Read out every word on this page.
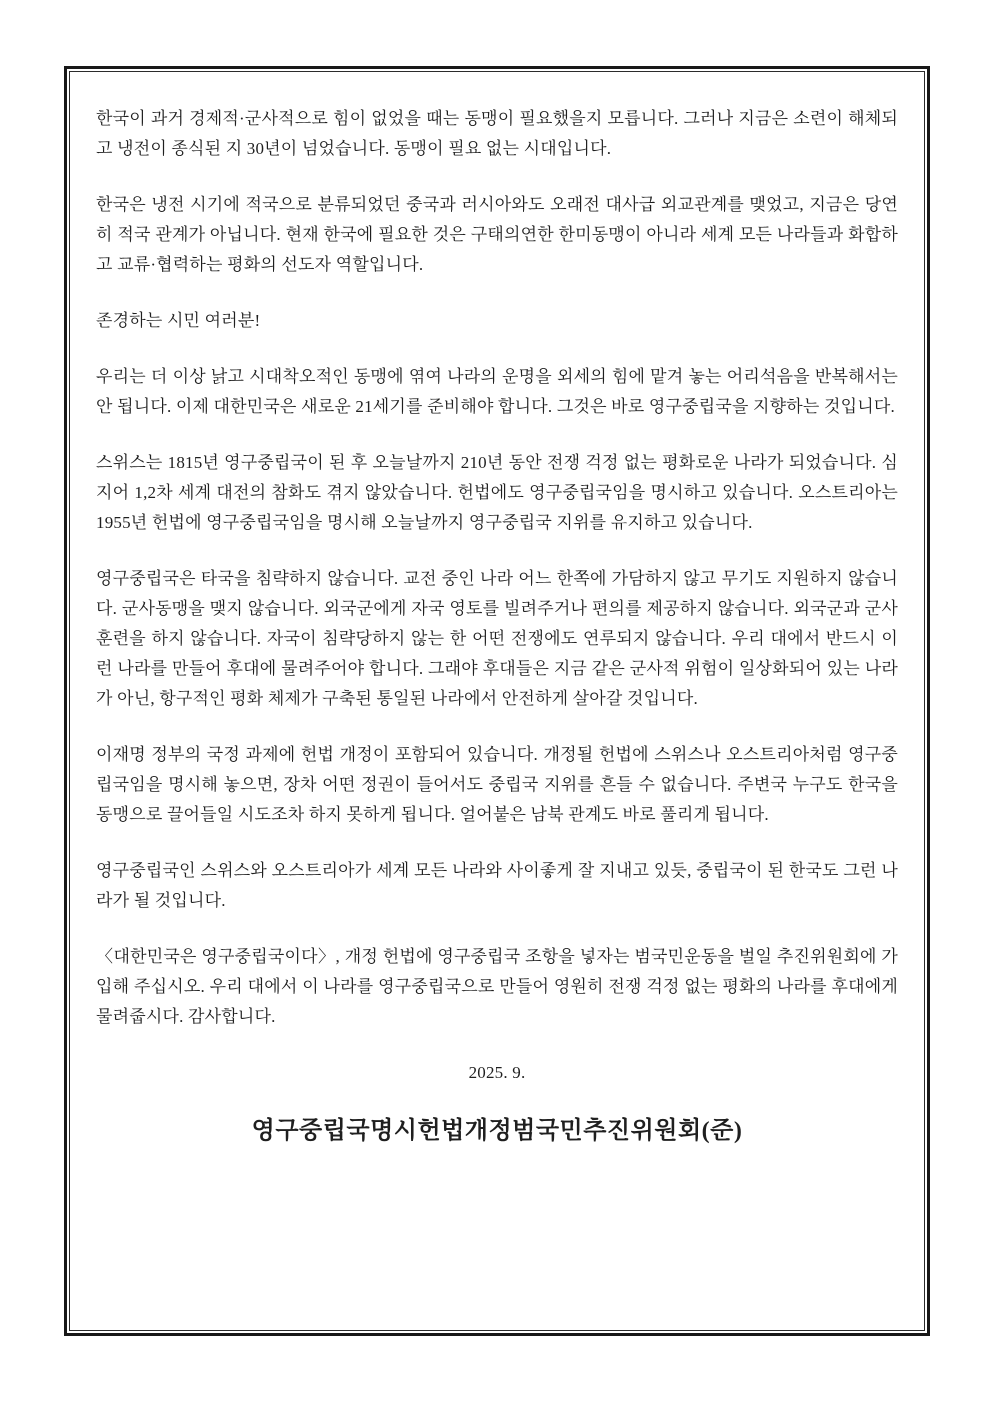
한국이 과거 경제적·군사적으로 힘이 없었을 때는 동맹이 필요했을지 모릅니다. 그러나 지금은 소련이 해체되고 냉전이 종식된 지 30년이 넘었습니다. 동맹이 필요 없는 시대입니다.

한국은 냉전 시기에 적국으로 분류되었던 중국과 러시아와도 오래전 대사급 외교관계를 맺었고, 지금은 당연히 적국 관계가 아닙니다. 현재 한국에 필요한 것은 구태의연한 한미동맹이 아니라 세계 모든 나라들과 화합하고 교류·협력하는 평화의 선도자 역할입니다.

존경하는 시민 여러분!

우리는 더 이상 낡고 시대착오적인 동맹에 엮여 나라의 운명을 외세의 힘에 맡겨 놓는 어리석음을 반복해서는 안 됩니다. 이제 대한민국은 새로운 21세기를 준비해야 합니다. 그것은 바로 영구중립국을 지향하는 것입니다.

스위스는 1815년 영구중립국이 된 후 오늘날까지 210년 동안 전쟁 걱정 없는 평화로운 나라가 되었습니다. 심지어 1,2차 세계 대전의 참화도 겪지 않았습니다. 헌법에도 영구중립국임을 명시하고 있습니다. 오스트리아는 1955년 헌법에 영구중립국임을 명시해 오늘날까지 영구중립국 지위를 유지하고 있습니다.

영구중립국은 타국을 침략하지 않습니다. 교전 중인 나라 어느 한쪽에 가담하지 않고 무기도 지원하지 않습니다. 군사동맹을 맺지 않습니다. 외국군에게 자국 영토를 빌려주거나 편의를 제공하지 않습니다. 외국군과 군사 훈련을 하지 않습니다. 자국이 침략당하지 않는 한 어떤 전쟁에도 연루되지 않습니다. 우리 대에서 반드시 이런 나라를 만들어 후대에 물려주어야 합니다. 그래야 후대들은 지금 같은 군사적 위험이 일상화되어 있는 나라가 아닌, 항구적인 평화 체제가 구축된 통일된 나라에서 안전하게 살아갈 것입니다.

이재명 정부의 국정 과제에 헌법 개정이 포함되어 있습니다. 개정될 헌법에 스위스나 오스트리아처럼 영구중립국임을 명시해 놓으면, 장차 어떤 정권이 들어서도 중립국 지위를 흔들 수 없습니다. 주변국 누구도 한국을 동맹으로 끌어들일 시도조차 하지 못하게 됩니다. 얼어붙은 남북 관계도 바로 풀리게 됩니다.

영구중립국인 스위스와 오스트리아가 세계 모든 나라와 사이좋게 잘 지내고 있듯, 중립국이 된 한국도 그런 나라가 될 것입니다.

〈대한민국은 영구중립국이다〉, 개정 헌법에 영구중립국 조항을 넣자는 범국민운동을 벌일 추진위원회에 가입해 주십시오. 우리 대에서 이 나라를 영구중립국으로 만들어 영원히 전쟁 걱정 없는 평화의 나라를 후대에게 물려줍시다. 감사합니다.

2025. 9.

영구중립국명시헌법개정범국민추진위원회(준)
